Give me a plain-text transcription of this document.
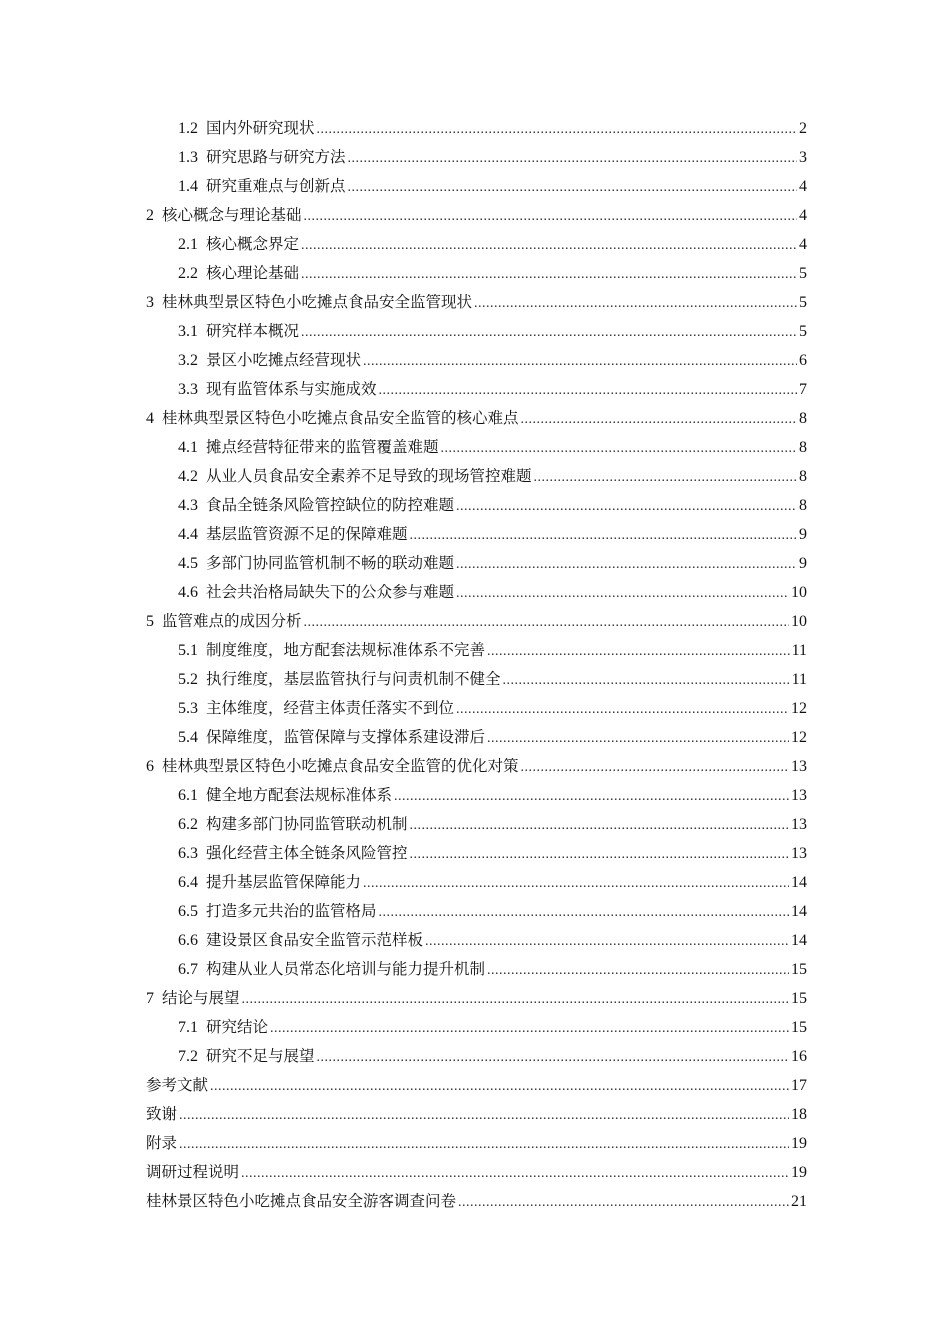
1.2 国内外研究现状 .....	2
1.3 研究思路与研究方法 .....	3
1.4 研究重难点与创新点 .....	4
2 核心概念与理论基础 .....	4
2.1 核心概念界定 .....	4
2.2 核心理论基础 .....	5
3 桂林典型景区特色小吃摊点食品安全监管现状 .....	5
3.1 研究样本概况 .....	5
3.2 景区小吃摊点经营现状 .....	6
3.3 现有监管体系与实施成效 .....	7
4 桂林典型景区特色小吃摊点食品安全监管的核心难点 .....	8
4.1 摊点经营特征带来的监管覆盖难题 .....	8
4.2 从业人员食品安全素养不足导致的现场管控难题 .....	8
4.3 食品全链条风险管控缺位的防控难题 .....	8
4.4 基层监管资源不足的保障难题 .....	9
4.5 多部门协同监管机制不畅的联动难题 .....	9
4.6 社会共治格局缺失下的公众参与难题 .....	10
5 监管难点的成因分析 .....	10
5.1 制度维度，地方配套法规标准体系不完善 .....	11
5.2 执行维度，基层监管执行与问责机制不健全 .....	11
5.3 主体维度，经营主体责任落实不到位 .....	12
5.4 保障维度，监管保障与支撑体系建设滞后 .....	12
6 桂林典型景区特色小吃摊点食品安全监管的优化对策 .....	13
6.1 健全地方配套法规标准体系 .....	13
6.2 构建多部门协同监管联动机制 .....	13
6.3 强化经营主体全链条风险管控 .....	13
6.4 提升基层监管保障能力 .....	14
6.5 打造多元共治的监管格局 .....	14
6.6 建设景区食品安全监管示范样板 .....	14
6.7 构建从业人员常态化培训与能力提升机制 .....	15
7 结论与展望 .....	15
7.1 研究结论 .....	15
7.2 研究不足与展望 .....	16
参考文献 .....	17
致谢 .....	18
附录 .....	19
调研过程说明 .....	19
桂林景区特色小吃摊点食品安全游客调查问卷 .....	21
